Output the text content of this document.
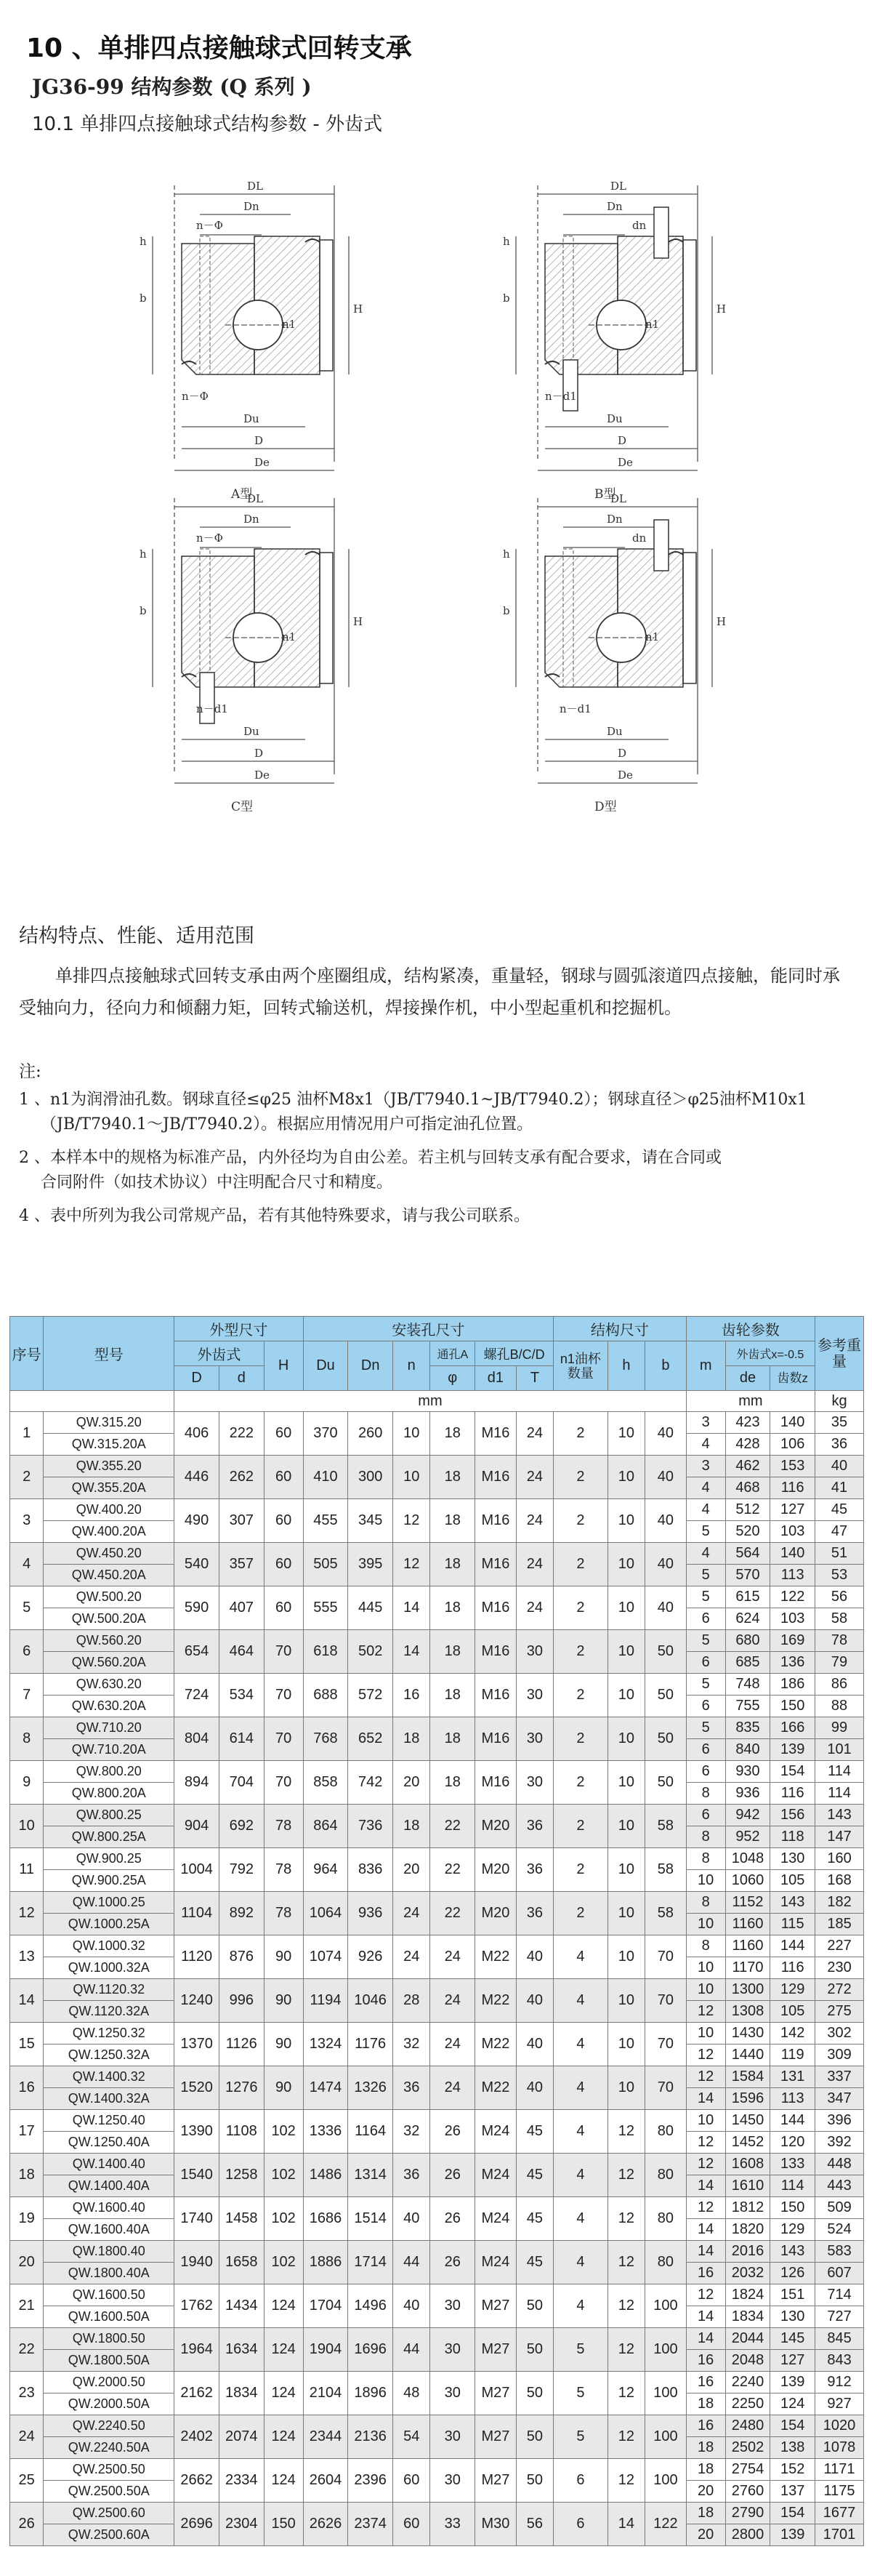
10 、单排四点接触球式回转支承
JG36-99 结构参数 (Q 系列 )
10.1 单排四点接触球式结构参数 - 外齿式
DL
Dn
n－Φ
b
h
n1
H
n－Φ
Du
D
De
A型
DL
Dn
dn
b
h
n1
H
n－d1
Du
D
De
B型
DL
Dn
n－Φ
b
h
n1
H
n－d1
Du
D
De
C型
DL
Dn
dn
b
h
n1
H
n－d1
Du
D
De
D型
结构特点、性能、适用范围
单排四点接触球式回转支承由两个座圈组成，结构紧凑，重量轻，钢球与圆弧滚道四点接触，能同时承受轴向力，径向力和倾翻力矩，回转式输送机，焊接操作机，中小型起重机和挖掘机。
注:
1 、n1为润滑油孔数。钢球直径≤φ25 油杯M8x1（JB/T7940.1~JB/T7940.2）；钢球直径＞φ25油杯M10x1
（JB/T7940.1～JB/T7940.2）。根据应用情况用户可指定油孔位置。
2 、本样本中的规格为标准产品，内外径均为自由公差。若主机与回转支承有配合要求，请在合同或
合同附件（如技术协议）中注明配合尺寸和精度。
4 、表中所列为我公司常规产品，若有其他特殊要求，请与我公司联系。
序号	型号	外型尺寸			安装孔尺寸						结构尺寸			齿轮参数			参考重量
		外齿式		H	Du	Dn	n	通孔A	螺孔B/C/D		n1油杯数量	h	b	m	外齿式x=-0.5		
		D	d					φ	d1	T					de	齿数z	
		mm												mm			kg
1	QW.315.20	406	222	60	370	260	10	18	M16	24	2	10	40	3	423	140	35
	QW.315.20A													4	428	106	36
2	QW.355.20	446	262	60	410	300	10	18	M16	24	2	10	40	3	462	153	40
	QW.355.20A													4	468	116	41
3	QW.400.20	490	307	60	455	345	12	18	M16	24	2	10	40	4	512	127	45
	QW.400.20A													5	520	103	47
4	QW.450.20	540	357	60	505	395	12	18	M16	24	2	10	40	4	564	140	51
	QW.450.20A													5	570	113	53
5	QW.500.20	590	407	60	555	445	14	18	M16	24	2	10	40	5	615	122	56
	QW.500.20A													6	624	103	58
6	QW.560.20	654	464	70	618	502	14	18	M16	30	2	10	50	5	680	169	78
	QW.560.20A													6	685	136	79
7	QW.630.20	724	534	70	688	572	16	18	M16	30	2	10	50	5	748	186	86
	QW.630.20A													6	755	150	88
8	QW.710.20	804	614	70	768	652	18	18	M16	30	2	10	50	5	835	166	99
	QW.710.20A													6	840	139	101
9	QW.800.20	894	704	70	858	742	20	18	M16	30	2	10	50	6	930	154	114
	QW.800.20A													8	936	116	114
10	QW.800.25	904	692	78	864	736	18	22	M20	36	2	10	58	6	942	156	143
	QW.800.25A													8	952	118	147
11	QW.900.25	1004	792	78	964	836	20	22	M20	36	2	10	58	8	1048	130	160
	QW.900.25A													10	1060	105	168
12	QW.1000.25	1104	892	78	1064	936	24	22	M20	36	2	10	58	8	1152	143	182
	QW.1000.25A													10	1160	115	185
13	QW.1000.32	1120	876	90	1074	926	24	24	M22	40	4	10	70	8	1160	144	227
	QW.1000.32A													10	1170	116	230
14	QW.1120.32	1240	996	90	1194	1046	28	24	M22	40	4	10	70	10	1300	129	272
	QW.1120.32A													12	1308	105	275
15	QW.1250.32	1370	1126	90	1324	1176	32	24	M22	40	4	10	70	10	1430	142	302
	QW.1250.32A													12	1440	119	309
16	QW.1400.32	1520	1276	90	1474	1326	36	24	M22	40	4	10	70	12	1584	131	337
	QW.1400.32A													14	1596	113	347
17	QW.1250.40	1390	1108	102	1336	1164	32	26	M24	45	4	12	80	10	1450	144	396
	QW.1250.40A													12	1452	120	392
18	QW.1400.40	1540	1258	102	1486	1314	36	26	M24	45	4	12	80	12	1608	133	448
	QW.1400.40A													14	1610	114	443
19	QW.1600.40	1740	1458	102	1686	1514	40	26	M24	45	4	12	80	12	1812	150	509
	QW.1600.40A													14	1820	129	524
20	QW.1800.40	1940	1658	102	1886	1714	44	26	M24	45	4	12	80	14	2016	143	583
	QW.1800.40A													16	2032	126	607
21	QW.1600.50	1762	1434	124	1704	1496	40	30	M27	50	4	12	100	12	1824	151	714
	QW.1600.50A													14	1834	130	727
22	QW.1800.50	1964	1634	124	1904	1696	44	30	M27	50	5	12	100	14	2044	145	845
	QW.1800.50A													16	2048	127	843
23	QW.2000.50	2162	1834	124	2104	1896	48	30	M27	50	5	12	100	16	2240	139	912
	QW.2000.50A													18	2250	124	927
24	QW.2240.50	2402	2074	124	2344	2136	54	30	M27	50	5	12	100	16	2480	154	1020
	QW.2240.50A													18	2502	138	1078
25	QW.2500.50	2662	2334	124	2604	2396	60	30	M27	50	6	12	100	18	2754	152	1171
	QW.2500.50A													20	2760	137	1175
26	QW.2500.60	2696	2304	150	2626	2374	60	33	M30	56	6	14	122	18	2790	154	1677
	QW.2500.60A													20	2800	139	1701
